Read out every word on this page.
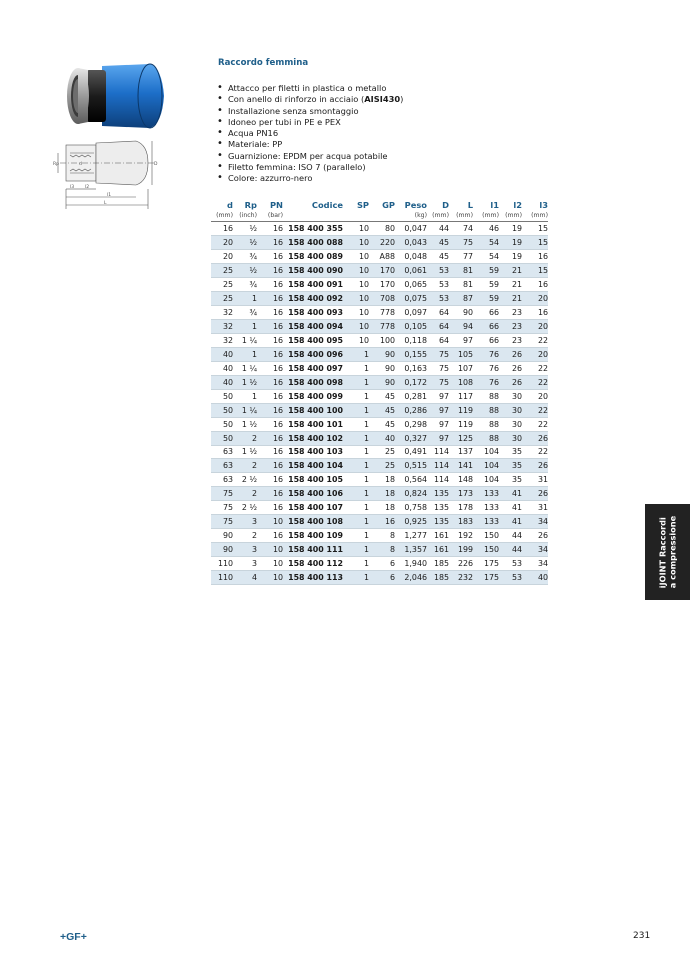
l3 l2
l1
L
Rp	d	D
Raccordo femmina
• Attacco per filetti in plastica o metallo
• Con anello di rinforzo in acciaio (AISI430)
• Installazione senza smontaggio
• Idoneo per tubi in PE e PEX
• Acqua PN16
• Materiale: PP
• Guarnizione: EPDM per acqua potabile
• Filetto femmina: ISO 7 (parallelo)
• Colore: azzurro-nero
d	Rp	PN	Codice	SP	GP	Peso	D	L	l1	l2	l3
(mm)	(inch)	(bar)				(kg)	(mm)	(mm)	(mm)	(mm)	(mm)
16	½	16	158 400 355	10	80	0,047	44	74	46	19	15
20	½	16	158 400 088	10	220	0,043	45	75	54	19	15
20	¾	16	158 400 089	10	A88	0,048	45	77	54	19	16
25	½	16	158 400 090	10	170	0,061	53	81	59	21	15
25	¾	16	158 400 091	10	170	0,065	53	81	59	21	16
25	1	16	158 400 092	10	708	0,075	53	87	59	21	20
32	¾	16	158 400 093	10	778	0,097	64	90	66	23	16
32	1	16	158 400 094	10	778	0,105	64	94	66	23	20
32	1 ¼	16	158 400 095	10	100	0,118	64	97	66	23	22
40	1	16	158 400 096	1	90	0,155	75	105	76	26	20
40	1 ¼	16	158 400 097	1	90	0,163	75	107	76	26	22
40	1 ½	16	158 400 098	1	90	0,172	75	108	76	26	22
50	1	16	158 400 099	1	45	0,281	97	117	88	30	20
50	1 ¼	16	158 400 100	1	45	0,286	97	119	88	30	22
50	1 ½	16	158 400 101	1	45	0,298	97	119	88	30	22
50	2	16	158 400 102	1	40	0,327	97	125	88	30	26
63	1 ½	16	158 400 103	1	25	0,491	114	137	104	35	22
63	2	16	158 400 104	1	25	0,515	114	141	104	35	26
63	2 ½	16	158 400 105	1	18	0,564	114	148	104	35	31
75	2	16	158 400 106	1	18	0,824	135	173	133	41	26
75	2 ½	16	158 400 107	1	18	0,758	135	178	133	41	31
75	3	10	158 400 108	1	16	0,925	135	183	133	41	34
90	2	16	158 400 109	1	8	1,277	161	192	150	44	26
90	3	10	158 400 111	1	8	1,357	161	199	150	44	34
110	3	10	158 400 112	1	6	1,940	185	226	175	53	34
110	4	10	158 400 113	1	6	2,046	185	232	175	53	40	iJOINT Raccordi a compressione
+GF+	231
